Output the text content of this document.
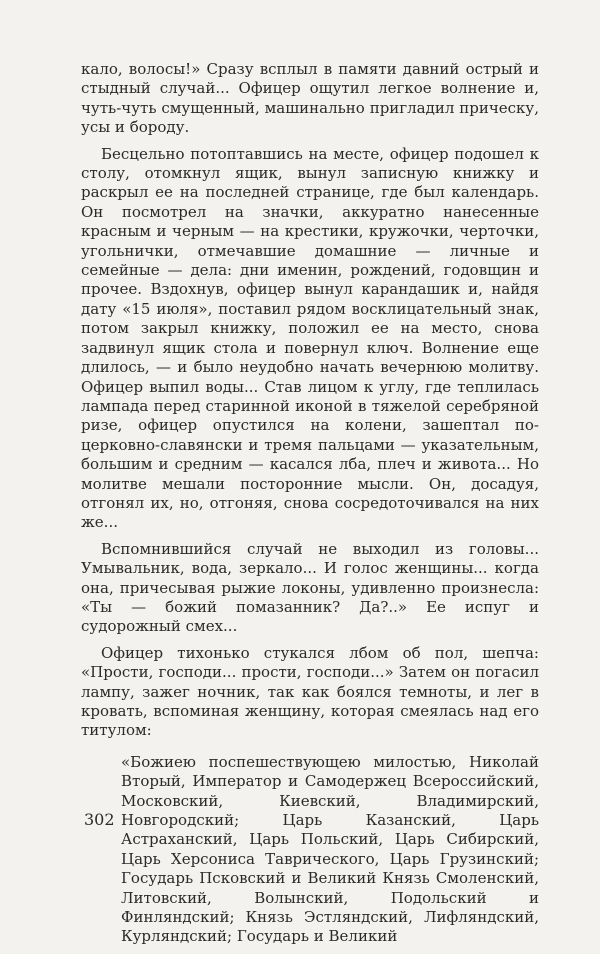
кало, волосы!» Сразу всплыл в памяти давний острый и стыдный случай... Офицер ощутил легкое волнение и, чуть-чуть смущенный, машинально пригладил прическу, усы и бороду.

Бесцельно потоптавшись на месте, офицер подошел к столу, отомкнул ящик, вынул записную книжку и раскрыл ее на последней странице, где был календарь. Он посмотрел на значки, аккуратно нанесенные красным и черным — на крестики, кружочки, черточки, угольнички, отмечавшие домашние — личные и семейные — дела: дни именин, рождений, годовщин и прочее. Вздохнув, офицер вынул карандашик и, найдя дату «15 июля», поставил рядом восклицательный знак, потом закрыл книжку, положил ее на место, снова задвинул ящик стола и повернул ключ. Волнение еще длилось, — и было неудобно начать вечернюю молитву. Офицер выпил воды... Став лицом к углу, где теплилась лампада перед старинной иконой в тяжелой серебряной ризе, офицер опустился на колени, зашептал по-церковно-славянски и тремя пальцами — указательным, большим и средним — касался лба, плеч и живота... Но молитве мешали посторонние мысли. Он, досадуя, отгонял их, но, отгоняя, снова сосредоточивался на них же...

Вспомнившийся случай не выходил из головы... Умывальник, вода, зеркало... И голос женщины... когда она, причесывая рыжие локоны, удивленно произнесла: «Ты — божий помазанник? Да?..» Ее испуг и судорожный смех...

Офицер тихонько стукался лбом об пол, шепча: «Прости, господи... прости, господи...» Затем он погасил лампу, зажег ночник, так как боялся темноты, и лег в кровать, вспоминая женщину, которая смеялась над его титулом:

«Божиею поспешествующею милостью, Николай Вторый, Император и Самодержец Всероссийский, Московский, Киевский, Владимирский, Новгородский; Царь Казанский, Царь Астраханский, Царь Польский, Царь Сибирский, Царь Херсониса Таврического, Царь Грузинский; Государь Псковский и Великий Князь Смоленский, Литовский, Волынский, Подольский и Финляндский; Князь Эстляндский, Лифляндский, Курляндский; Государь и Великий

302
